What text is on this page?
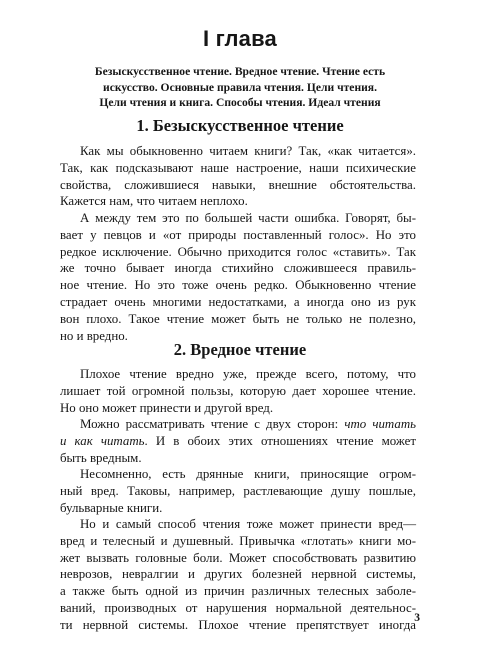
I глава
Безыскусственное чтение. Вредное чтение. Чтение есть
искусство. Основные правила чтения. Цели чтения.
Цели чтения и книга. Способы чтения. Идеал чтения
1. Безыскусственное чтение
Как мы обыкновенно читаем книги? Так, «как читается».
Так, как подсказывают наше настроение, наши психические
свойства, сложившиеся навыки, внешние обстоятельства.
Кажется нам, что читаем неплохо.
А между тем это по большей части ошибка. Говорят, бы-
вает у певцов и «от природы поставленный голос». Но это
редкое исключение. Обычно приходится голос «ставить». Так
же точно бывает иногда стихийно сложившееся правиль-
ное чтение. Но это тоже очень редко. Обыкновенно чтение
страдает очень многими недостатками, а иногда оно из рук
вон плохо. Такое чтение может быть не только не полезно,
но и вредно.
2. Вредное чтение
Плохое чтение вредно уже, прежде всего, потому, что
лишает той огромной пользы, которую дает хорошее чтение.
Но оно может принести и другой вред.
Можно рассматривать чтение с двух сторон: что читать
и как читать. И в обоих этих отношениях чтение может
быть вредным.
Несомненно, есть дрянные книги, приносящие огром-
ный вред. Таковы, например, растлевающие душу пошлые,
бульварные книги.
Но и самый способ чтения тоже может принести вред—
вред и телесный и душевный. Привычка «глотать» книги мо-
жет вызвать головные боли. Может способствовать развитию
неврозов, невралгии и других болезней нервной системы,
а также быть одной из причин различных телесных заболе-
ваний, производных от нарушения нормальной деятельнос-
ти нервной системы. Плохое чтение препятствует иногда
3
